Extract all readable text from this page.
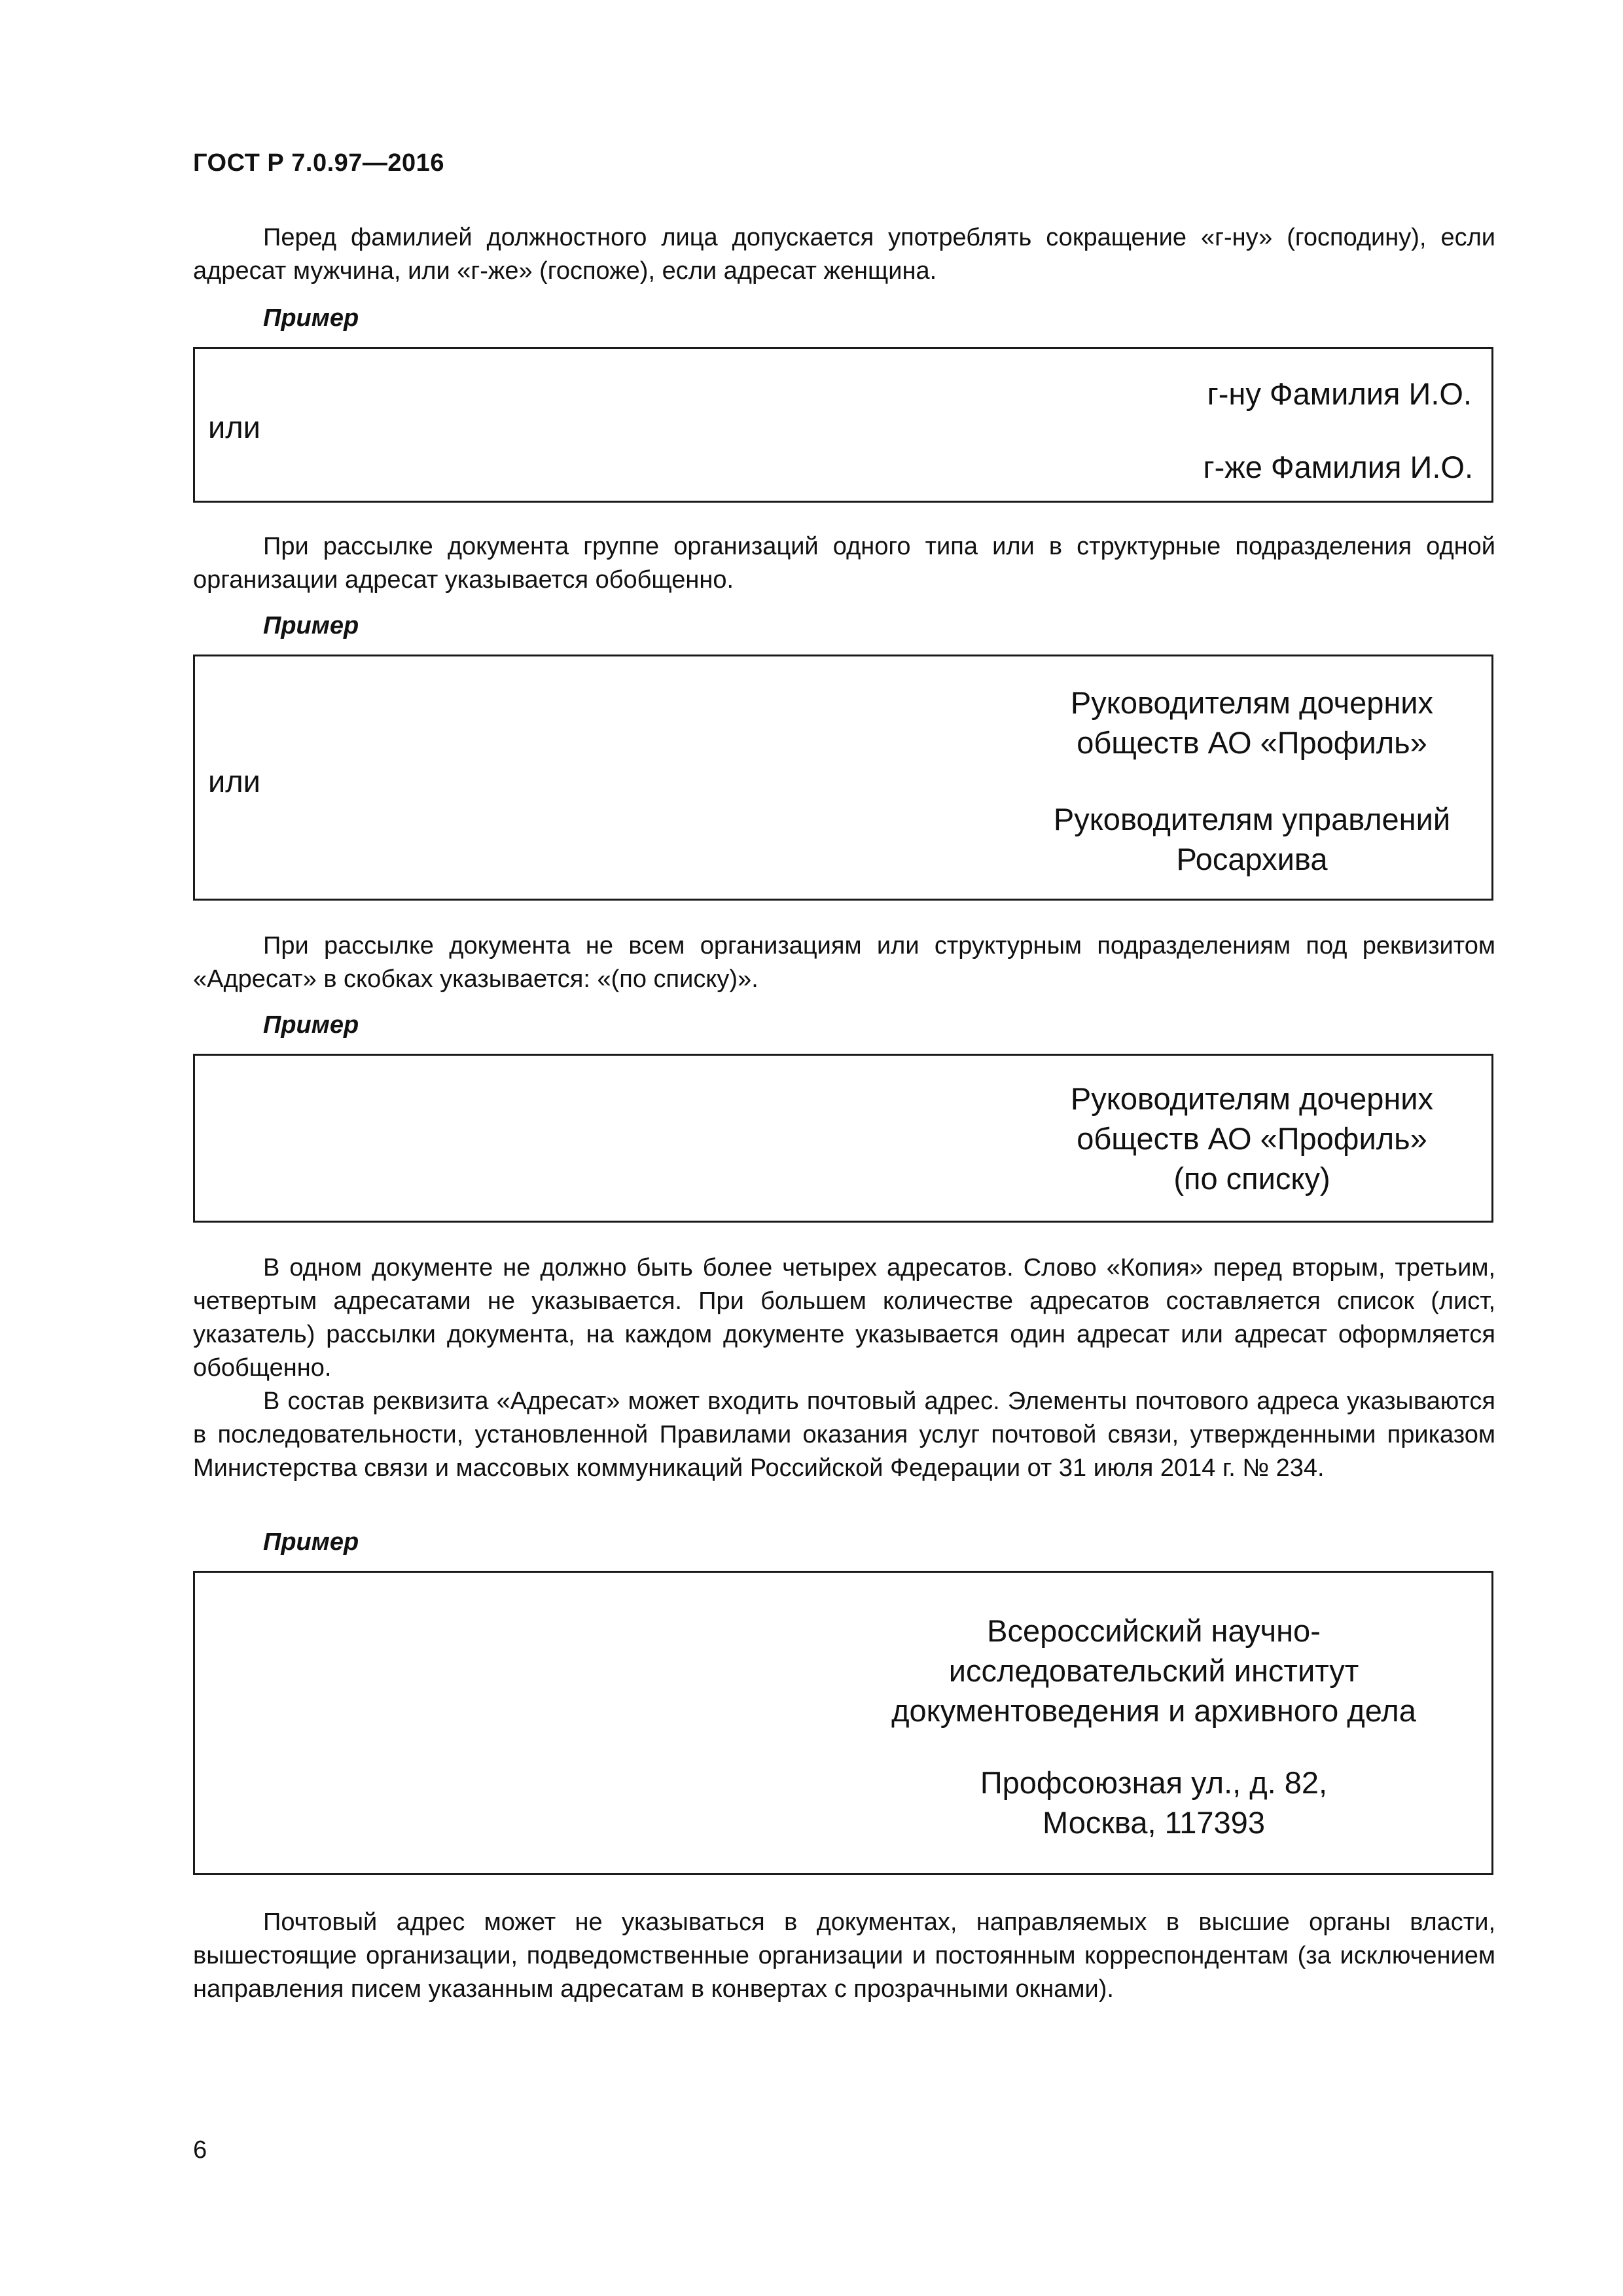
ГОСТ Р 7.0.97—2016
Перед фамилией должностного лица допускается употреблять сокращение «г-ну» (господину), если адресат мужчина, или «г-же» (госпоже), если адресат женщина.
Пример
или
г-ну Фамилия И.О.
г-же Фамилия И.О.
При рассылке документа группе организаций одного типа или в структурные подразделения одной организации адресат указывается обобщенно.
Пример
или
Руководителям дочерних
обществ АО «Профиль»
Руководителям управлений
Росархива
При рассылке документа не всем организациям или структурным подразделениям под реквизитом «Адресат» в скобках указывается: «(по списку)».
Пример
Руководителям дочерних
обществ АО «Профиль»
(по списку)
В одном документе не должно быть более четырех адресатов. Слово «Копия» перед вторым, третьим, четвертым адресатами не указывается. При большем количестве адресатов составляется список (лист, указатель) рассылки документа, на каждом документе указывается один адресат или адресат оформляется обобщенно.
В состав реквизита «Адресат» может входить почтовый адрес. Элементы почтового адреса указываются в последовательности, установленной Правилами оказания услуг почтовой связи, утвержденными приказом Министерства связи и массовых коммуникаций Российской Федерации от 31 июля 2014 г. № 234.
Пример
Всероссийский научно-
исследовательский институт
документоведения и архивного дела
Профсоюзная ул., д. 82,
Москва, 117393
Почтовый адрес может не указываться в документах, направляемых в высшие органы власти, вышестоящие организации, подведомственные организации и постоянным корреспондентам (за исключением направления писем указанным адресатам в конвертах с прозрачными окнами).
6
